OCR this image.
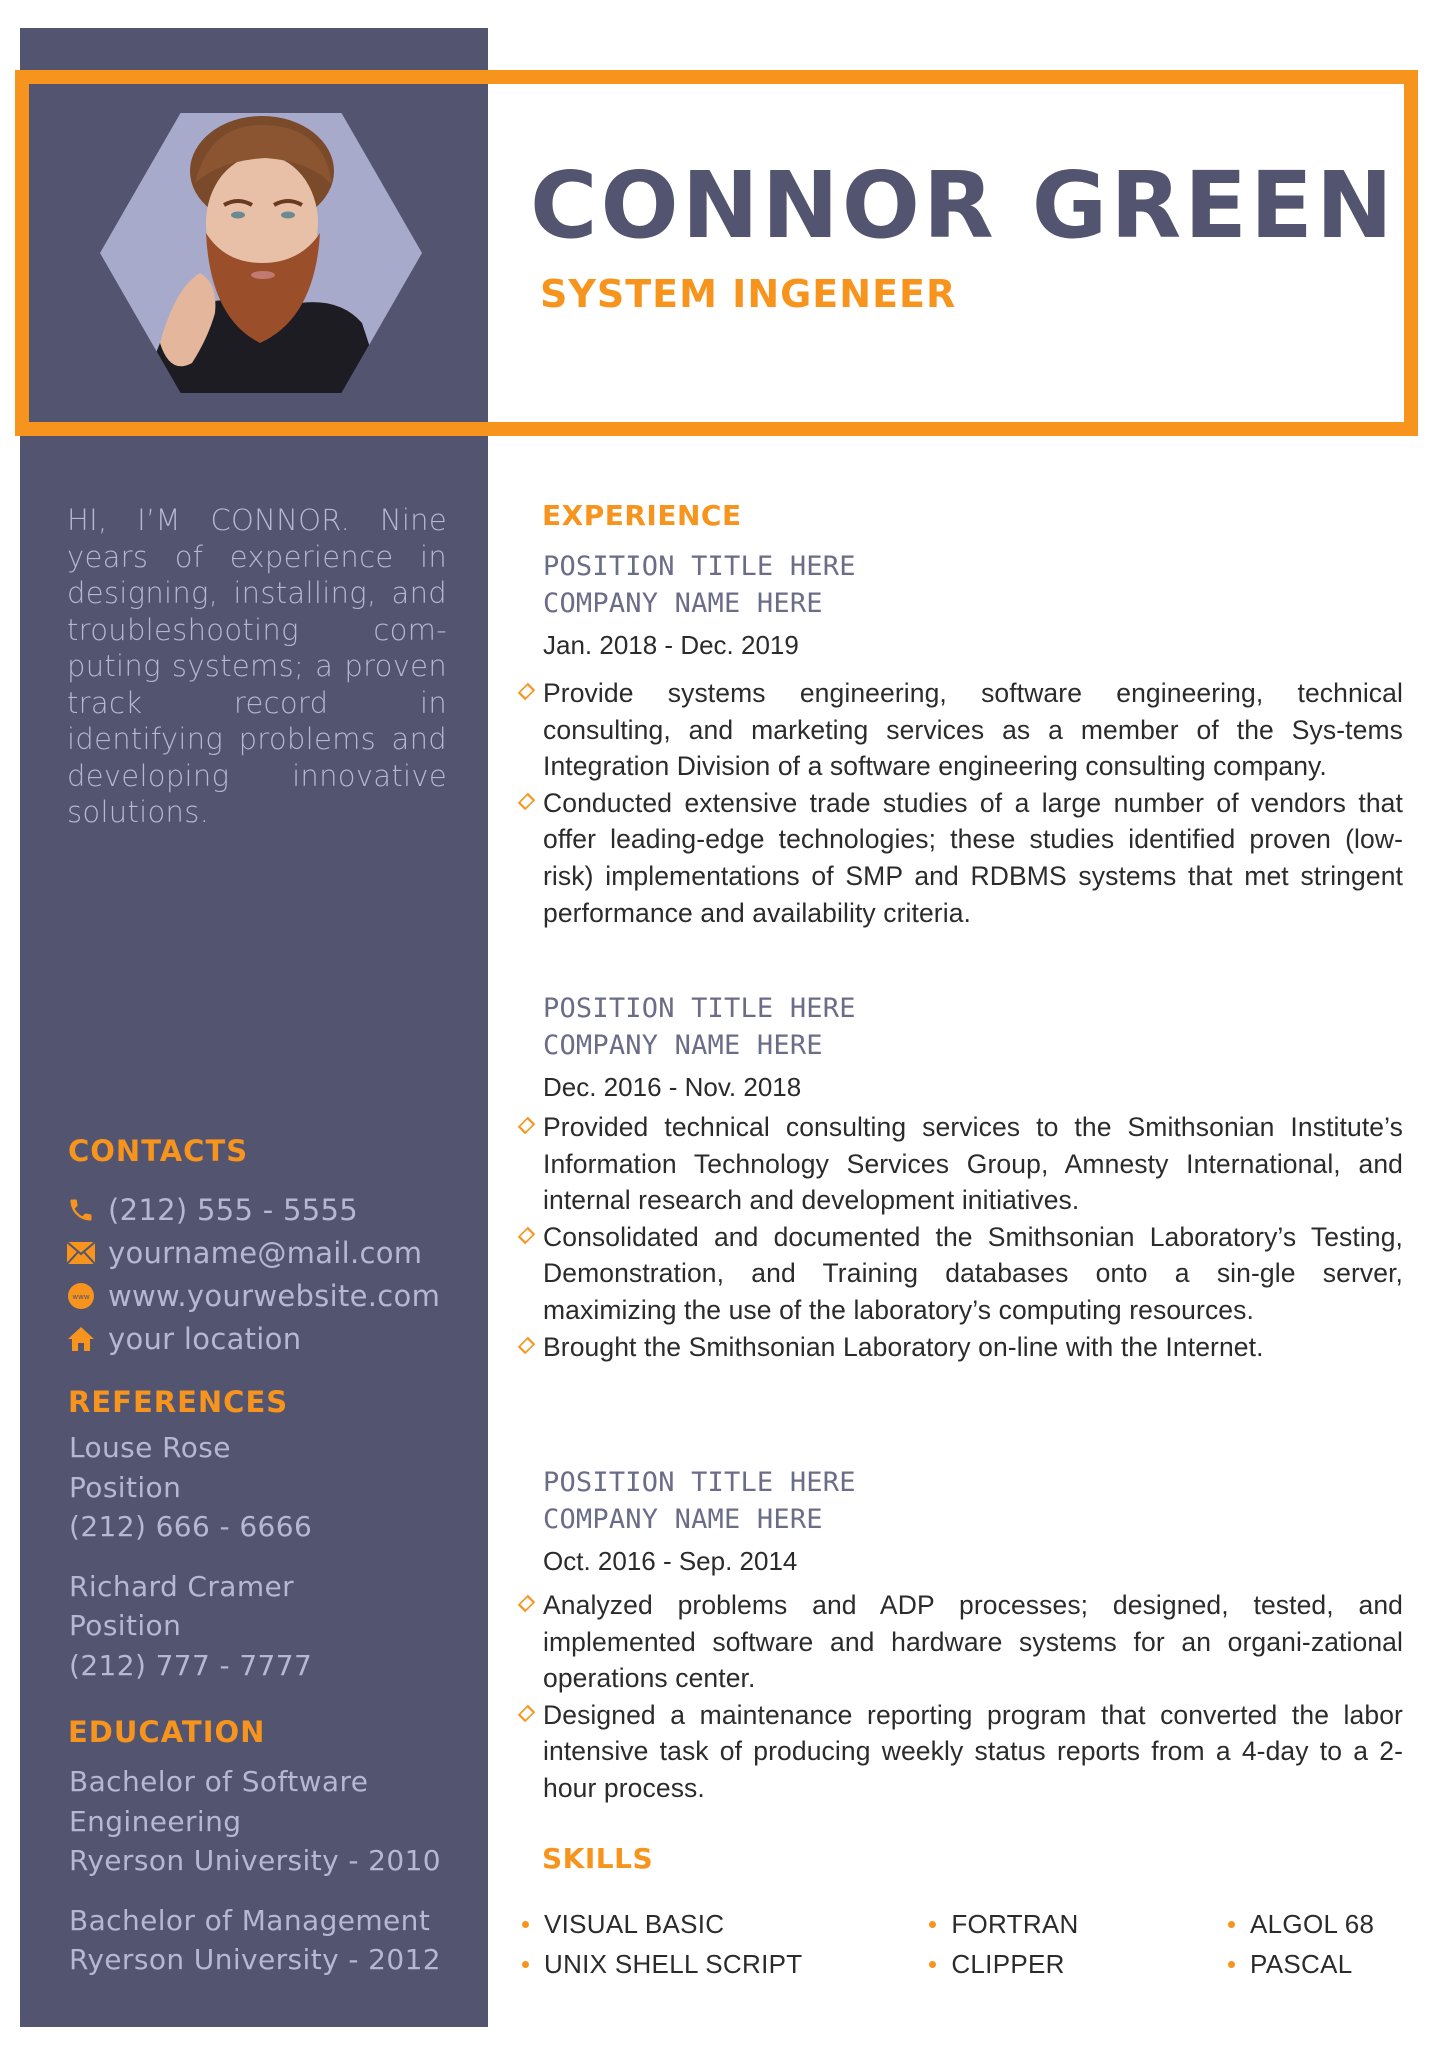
CONNOR GREEN
SYSTEM INGENEER
HI, I’M CONNOR. Nine years of experience in designing, installing, and troubleshooting com-puting systems; a proven track record in identifying problems and developing innovative solutions.
CONTACTS
(212) 555 - 5555
yourname@mail.com
www www.yourwebsite.com
your location
REFERENCES
Louse Rose
Position
(212) 666 - 6666
Richard Cramer
Position
(212) 777 - 7777
EDUCATION
Bachelor of Software
Engineering
Ryerson University - 2010
Bachelor of Management
Ryerson University - 2012
EXPERIENCE
POSITION TITLE HERE
COMPANY NAME HERE
Jan. 2018 - Dec. 2019
Provide systems engineering, software engineering, technical consulting, and marketing services as a member of the Sys-tems Integration Division of a software engineering consulting company.
Conducted extensive trade studies of a large number of vendors that offer leading-edge technologies; these studies identified proven (low-risk) implementations of SMP and RDBMS systems that met stringent performance and availability criteria.
POSITION TITLE HERE
COMPANY NAME HERE
Dec. 2016 - Nov. 2018
Provided technical consulting services to the Smithsonian Institute’s Information Technology Services Group, Amnesty International, and internal research and development initiatives.
Consolidated and documented the Smithsonian Laboratory’s Testing, Demonstration, and Training databases onto a sin-gle server, maximizing the use of the laboratory’s computing resources.
Brought the Smithsonian Laboratory on-line with the Internet.
POSITION TITLE HERE
COMPANY NAME HERE
Oct. 2016 - Sep. 2014
Analyzed problems and ADP processes; designed, tested, and implemented software and hardware systems for an organi-zational operations center.
Designed a maintenance reporting program that converted the labor intensive task of producing weekly status reports from a 4-day to a 2-hour process.
SKILLS
VISUAL BASIC	FORTRAN	ALGOL 68
UNIX SHELL SCRIPT	CLIPPER	PASCAL
